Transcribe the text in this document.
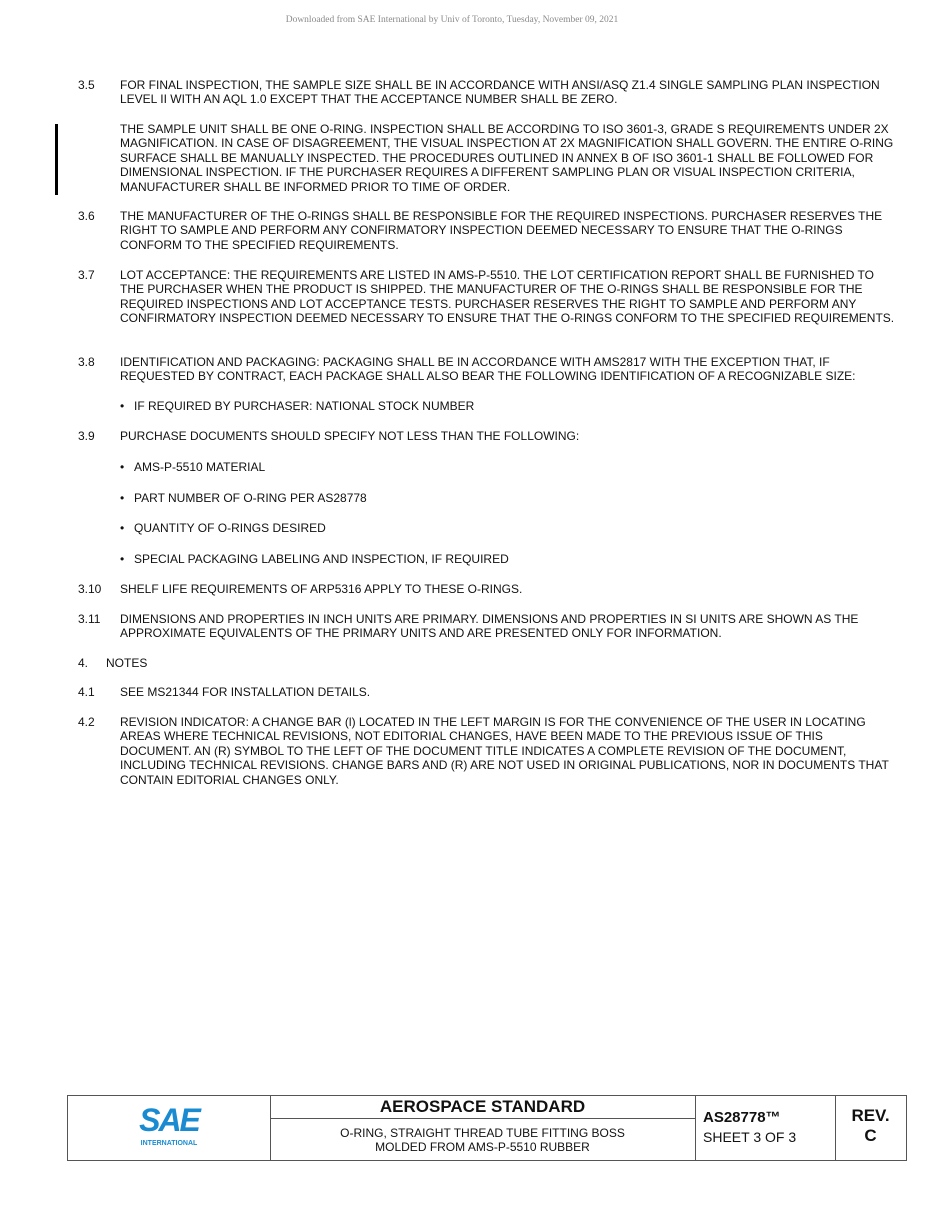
Downloaded from SAE International by Univ of Toronto, Tuesday, November 09, 2021
3.5 FOR FINAL INSPECTION, THE SAMPLE SIZE SHALL BE IN ACCORDANCE WITH ANSI/ASQ Z1.4 SINGLE SAMPLING PLAN INSPECTION LEVEL II WITH AN AQL 1.0 EXCEPT THAT THE ACCEPTANCE NUMBER SHALL BE ZERO.
THE SAMPLE UNIT SHALL BE ONE O-RING. INSPECTION SHALL BE ACCORDING TO ISO 3601-3, GRADE S REQUIREMENTS UNDER 2X MAGNIFICATION. IN CASE OF DISAGREEMENT, THE VISUAL INSPECTION AT 2X MAGNIFICATION SHALL GOVERN. THE ENTIRE O-RING SURFACE SHALL BE MANUALLY INSPECTED. THE PROCEDURES OUTLINED IN ANNEX B OF ISO 3601-1 SHALL BE FOLLOWED FOR DIMENSIONAL INSPECTION. IF THE PURCHASER REQUIRES A DIFFERENT SAMPLING PLAN OR VISUAL INSPECTION CRITERIA, MANUFACTURER SHALL BE INFORMED PRIOR TO TIME OF ORDER.
3.6 THE MANUFACTURER OF THE O-RINGS SHALL BE RESPONSIBLE FOR THE REQUIRED INSPECTIONS. PURCHASER RESERVES THE RIGHT TO SAMPLE AND PERFORM ANY CONFIRMATORY INSPECTION DEEMED NECESSARY TO ENSURE THAT THE O-RINGS CONFORM TO THE SPECIFIED REQUIREMENTS.
3.7 LOT ACCEPTANCE: THE REQUIREMENTS ARE LISTED IN AMS-P-5510. THE LOT CERTIFICATION REPORT SHALL BE FURNISHED TO THE PURCHASER WHEN THE PRODUCT IS SHIPPED. THE MANUFACTURER OF THE O-RINGS SHALL BE RESPONSIBLE FOR THE REQUIRED INSPECTIONS AND LOT ACCEPTANCE TESTS. PURCHASER RESERVES THE RIGHT TO SAMPLE AND PERFORM ANY CONFIRMATORY INSPECTION DEEMED NECESSARY TO ENSURE THAT THE O-RINGS CONFORM TO THE SPECIFIED REQUIREMENTS.
3.8 IDENTIFICATION AND PACKAGING: PACKAGING SHALL BE IN ACCORDANCE WITH AMS2817 WITH THE EXCEPTION THAT, IF REQUESTED BY CONTRACT, EACH PACKAGE SHALL ALSO BEAR THE FOLLOWING IDENTIFICATION OF A RECOGNIZABLE SIZE:
• IF REQUIRED BY PURCHASER: NATIONAL STOCK NUMBER
3.9 PURCHASE DOCUMENTS SHOULD SPECIFY NOT LESS THAN THE FOLLOWING:
• AMS-P-5510 MATERIAL
• PART NUMBER OF O-RING PER AS28778
• QUANTITY OF O-RINGS DESIRED
• SPECIAL PACKAGING LABELING AND INSPECTION, IF REQUIRED
3.10 SHELF LIFE REQUIREMENTS OF ARP5316 APPLY TO THESE O-RINGS.
3.11 DIMENSIONS AND PROPERTIES IN INCH UNITS ARE PRIMARY. DIMENSIONS AND PROPERTIES IN SI UNITS ARE SHOWN AS THE APPROXIMATE EQUIVALENTS OF THE PRIMARY UNITS AND ARE PRESENTED ONLY FOR INFORMATION.
4. NOTES
4.1 SEE MS21344 FOR INSTALLATION DETAILS.
4.2 REVISION INDICATOR: A CHANGE BAR (l) LOCATED IN THE LEFT MARGIN IS FOR THE CONVENIENCE OF THE USER IN LOCATING AREAS WHERE TECHNICAL REVISIONS, NOT EDITORIAL CHANGES, HAVE BEEN MADE TO THE PREVIOUS ISSUE OF THIS DOCUMENT. AN (R) SYMBOL TO THE LEFT OF THE DOCUMENT TITLE INDICATES A COMPLETE REVISION OF THE DOCUMENT, INCLUDING TECHNICAL REVISIONS. CHANGE BARS AND (R) ARE NOT USED IN ORIGINAL PUBLICATIONS, NOR IN DOCUMENTS THAT CONTAIN EDITORIAL CHANGES ONLY.
SAE
INTERNATIONAL
AEROSPACE STANDARD
O-RING, STRAIGHT THREAD TUBE FITTING BOSS
MOLDED FROM AMS-P-5510 RUBBER
AS28778™
SHEET 3 OF 3
REV.
C
